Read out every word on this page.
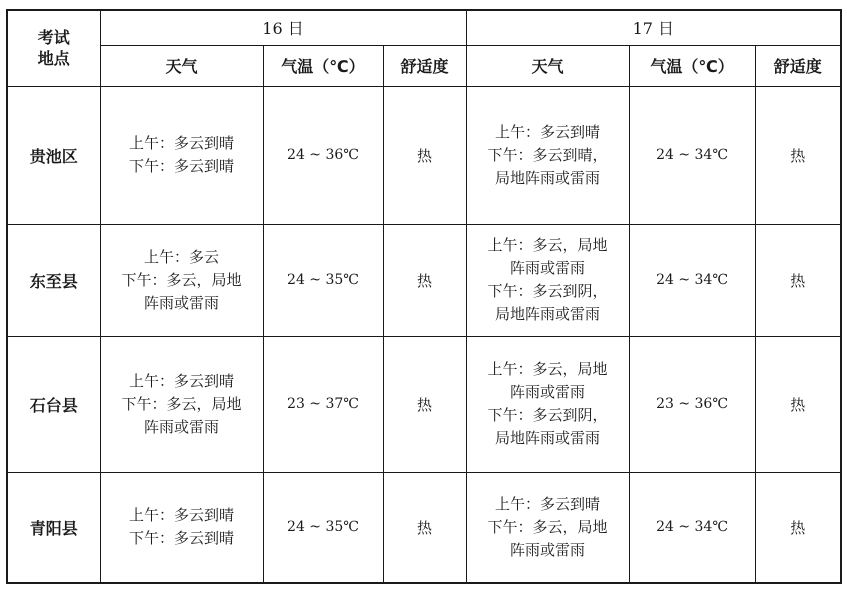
考试
地点	16 日			17 日		
	天气	气温（℃）	舒适度	天气	气温（℃）	舒适度
贵池区	上午：多云到晴
下午：多云到晴	24 ~ 36℃	热	上午：多云到晴
下午：多云到晴，
局地阵雨或雷雨	24 ~ 34℃	热
东至县	上午：多云
下午：多云，局地
阵雨或雷雨	24 ~ 35℃	热	上午：多云，局地
阵雨或雷雨
下午：多云到阴，
局地阵雨或雷雨	24 ~ 34℃	热
石台县	上午：多云到晴
下午：多云，局地
阵雨或雷雨	23 ~ 37℃	热	上午：多云，局地
阵雨或雷雨
下午：多云到阴，
局地阵雨或雷雨	23 ~ 36℃	热
青阳县	上午：多云到晴
下午：多云到晴	24 ~ 35℃	热	上午：多云到晴
下午：多云，局地
阵雨或雷雨	24 ~ 34℃	热
